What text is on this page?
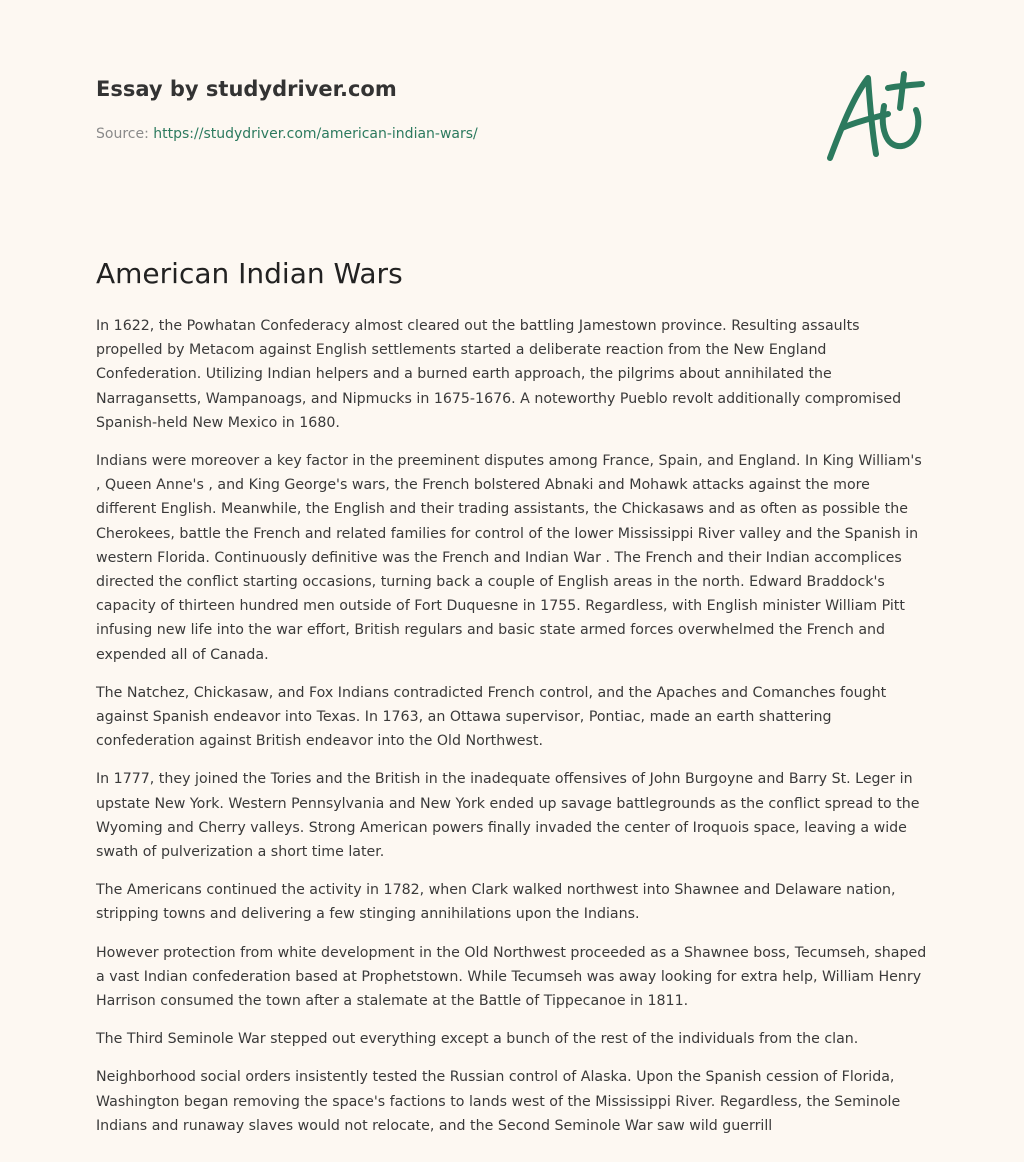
Essay by studydriver.com
Source: https://studydriver.com/american-indian-wars/
American Indian Wars

In 1622, the Powhatan Confederacy almost cleared out the battling Jamestown province. Resulting assaults propelled by Metacom against English settlements started a deliberate reaction from the New England Confederation. Utilizing Indian helpers and a burned earth approach, the pilgrims about annihilated the Narragansetts, Wampanoags, and Nipmucks in 1675-1676. A noteworthy Pueblo revolt additionally compromised Spanish-held New Mexico in 1680.

Indians were moreover a key factor in the preeminent disputes among France, Spain, and England. In King William's , Queen Anne's , and King George's wars, the French bolstered Abnaki and Mohawk attacks against the more different English. Meanwhile, the English and their trading assistants, the Chickasaws and as often as possible the Cherokees, battle the French and related families for control of the lower Mississippi River valley and the Spanish in western Florida. Continuously definitive was the French and Indian War . The French and their Indian accomplices directed the conflict starting occasions, turning back a couple of English areas in the north. Edward Braddock's capacity of thirteen hundred men outside of Fort Duquesne in 1755. Regardless, with English minister William Pitt infusing new life into the war effort, British regulars and basic state armed forces overwhelmed the French and expended all of Canada.

The Natchez, Chickasaw, and Fox Indians contradicted French control, and the Apaches and Comanches fought against Spanish endeavor into Texas. In 1763, an Ottawa supervisor, Pontiac, made an earth shattering confederation against British endeavor into the Old Northwest.

In 1777, they joined the Tories and the British in the inadequate offensives of John Burgoyne and Barry St. Leger in upstate New York. Western Pennsylvania and New York ended up savage battlegrounds as the conflict spread to the Wyoming and Cherry valleys. Strong American powers finally invaded the center of Iroquois space, leaving a wide swath of pulverization a short time later.

The Americans continued the activity in 1782, when Clark walked northwest into Shawnee and Delaware nation, stripping towns and delivering a few stinging annihilations upon the Indians.

However protection from white development in the Old Northwest proceeded as a Shawnee boss, Tecumseh, shaped a vast Indian confederation based at Prophetstown. While Tecumseh was away looking for extra help, William Henry Harrison consumed the town after a stalemate at the Battle of Tippecanoe in 1811.

The Third Seminole War stepped out everything except a bunch of the rest of the individuals from the clan.

Neighborhood social orders insistently tested the Russian control of Alaska. Upon the Spanish cession of Florida, Washington began removing the space's factions to lands west of the Mississippi River. Regardless, the Seminole Indians and runaway slaves would not relocate, and the Second Seminole War saw wild guerrill
